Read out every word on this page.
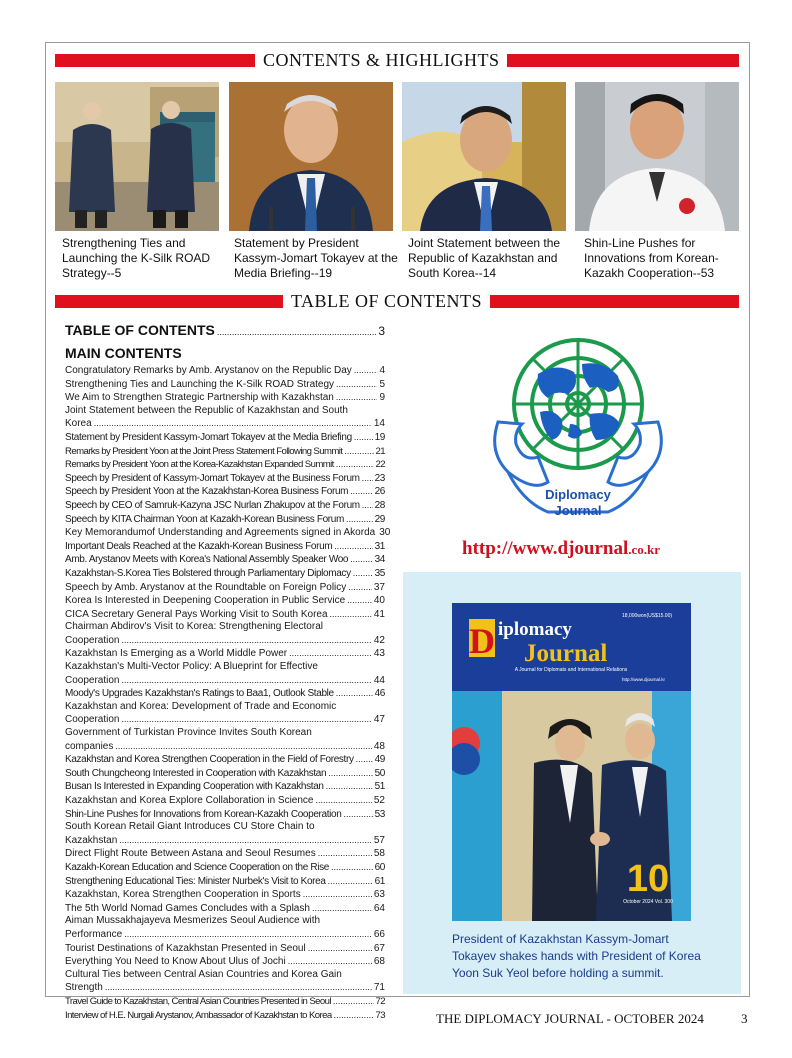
CONTENTS & HIGHLIGHTS
Strengthening Ties and Launching the K-Silk ROAD Strategy--5
Statement by President Kassym-Jomart Tokayev at the Media Briefing--19
Joint Statement between the Republic of Kazakhstan and South Korea--14
Shin-Line Pushes for Innovations from Korean-Kazakh Cooperation--53
TABLE OF CONTENTS
TABLE OF CONTENTS .....	3
MAIN CONTENTS
Congratulatory Remarks by Amb. Arystanov on the Republic Day .....	4
Strengthening Ties and Launching the K-Silk ROAD Strategy .....	5
We Aim to Strengthen Strategic Partnership with Kazakhstan .....	9
Joint Statement between the Republic of Kazakhstan and South
Korea .....	14
Statement by President Kassym-Jomart Tokayev at the Media Briefing ..... 19
Remarks by President Yoon at the Joint Press Statement Following Summit .....	21
Remarks by President Yoon at the Korea-Kazakhstan Expanded Summit .....	22
Speech by President of Kassym-Jomart Tokayev at the Business Forum ..... 23
Speech by President Yoon at the Kazakhstan-Korea Business Forum .....	26
Speech by CEO of Samruk-Kazyna JSC Nurlan Zhakupov at the Forum ..... 28
Speech by KITA Chairman Yoon at Kazakh-Korean Business Forum .....	29
Key Memorandumof Understanding and Agreements signed in Akorda 30
Important Deals Reached at the Kazakh-Korean Business Forum .....	31
Amb. Arystanov Meets with Korea's National Assembly Speaker Woo .....	34
Kazakhstan-S.Korea Ties Bolstered through Parliamentary Diplomacy ..... 35
Speech by Amb. Arystanov at the Roundtable on Foreign Policy .....	37
Korea Is Interested in Deepening Cooperation in Public Service .....	40
CICA Secretary General Pays Working Visit to South Korea .....	41
Chairman Abdirov's Visit to Korea: Strengthening Electoral
Cooperation .....	42
Kazakhstan Is Emerging as a World Middle Power .....	43
Kazakhstan's Multi-Vector Policy: A Blueprint for Effective
Cooperation .....	44
Moody's Upgrades Kazakhstan's Ratings to Baa1, Outlook Stable .....	46
Kazakhstan and Korea: Development of Trade and Economic
Cooperation .....	47
Government of Turkistan Province Invites South Korean
companies .....	48
Kazakhstan and Korea Strengthen Cooperation in the Field of Forestry ..... 49
South Chungcheong Interested in Cooperation with Kazakhstan .....	50
Busan Is Interested in Expanding Cooperation with Kazakhstan .....	51
Kazakhstan and Korea Explore Collaboration in Science .....	52
Shin-Line Pushes for Innovations from Korean-Kazakh Cooperation .....	53
South Korean Retail Giant Introduces CU Store Chain to
Kazakhstan .....	57
Direct Flight Route Between Astana and Seoul Resumes .....	58
Kazakh-Korean Education and Science Cooperation on the Rise .....	60
Strengthening Educational Ties: Minister Nurbek's Visit to Korea .....	61
Kazakhstan, Korea Strengthen Cooperation in Sports .....	63
The 5th World Nomad Games Concludes with a Splash .....	64
Aiman Mussakhajayeva Mesmerizes Seoul Audience with
Performance .....	66
Tourist Destinations of Kazakhstan Presented in Seoul .....	67
Everything You Need to Know About Ulus of Jochi .....	68
Cultural Ties between Central Asian Countries and Korea Gain
Strength .....	71
Travel Guide to Kazakhstan, Central Asian Countries Presented in Seoul .....	72
Interview of H.E. Nurgali Arystanov, Ambassador of Kazakhstan to Korea .....	73
Diplomacy
Journal
http://www.djournal.co.kr
D iplomacy
Journal
18,000won(US$15.00)
A Journal for Diplomats and International Relations
http://www.djournal.kr
10
October 2024 Vol. 300
President of Kazakhstan Kassym-Jomart Tokayev shakes hands with President of Korea Yoon Suk Yeol before holding a summit.
THE DIPLOMACY JOURNAL - OCTOBER 2024	3
